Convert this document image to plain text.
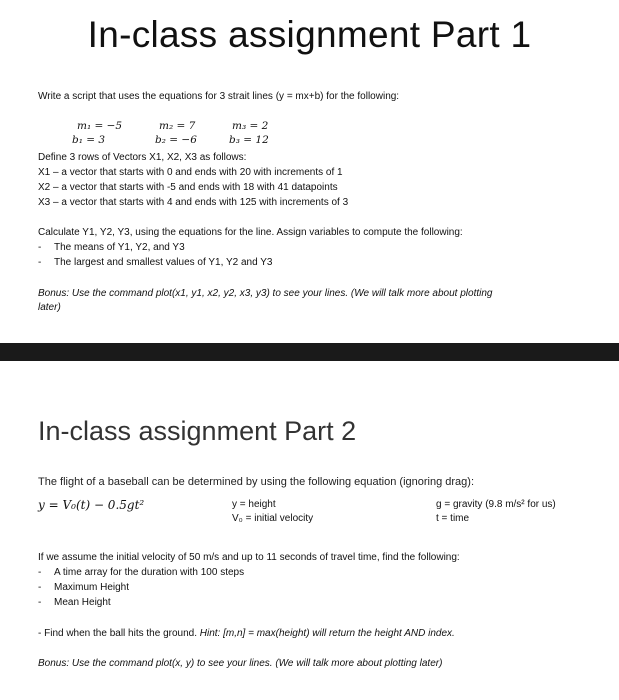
In-class assignment Part 1
Write a script that uses the equations for 3 strait lines (y = mx+b) for the following:
m₁ = −5
b₁ = 3
m₂ = 7
b₂ = −6
m₃ = 2
b₃ = 12
Define 3 rows of Vectors X1, X2, X3 as follows:
X1 – a vector that starts with 0 and ends with 20 with increments of 1
X2 – a vector that starts with -5 and ends with 18 with 41 datapoints
X3 – a vector that starts with 4 and ends with 125 with increments of 3
Calculate Y1, Y2, Y3, using the equations for the line. Assign variables to compute the following:
- The means of Y1, Y2, and Y3
- The largest and smallest values of Y1, Y2 and Y3
Bonus: Use the command plot(x1, y1, x2, y2, x3, y3) to see your lines. (We will talk more about plotting
later)
In-class assignment Part 2
The flight of a baseball can be determined by using the following equation (ignoring drag):
y = V₀(t) − 0.5gt²	y = height
V₀ = initial velocity
g = gravity (9.8 m/s² for us)
t = time
If we assume the initial velocity of 50 m/s and up to 11 seconds of travel time, find the following:
- A time array for the duration with 100 steps
- Maximum Height
- Mean Height
- Find when the ball hits the ground. Hint: [m,n] = max(height) will return the height AND index.
Bonus: Use the command plot(x, y) to see your lines. (We will talk more about plotting later)
